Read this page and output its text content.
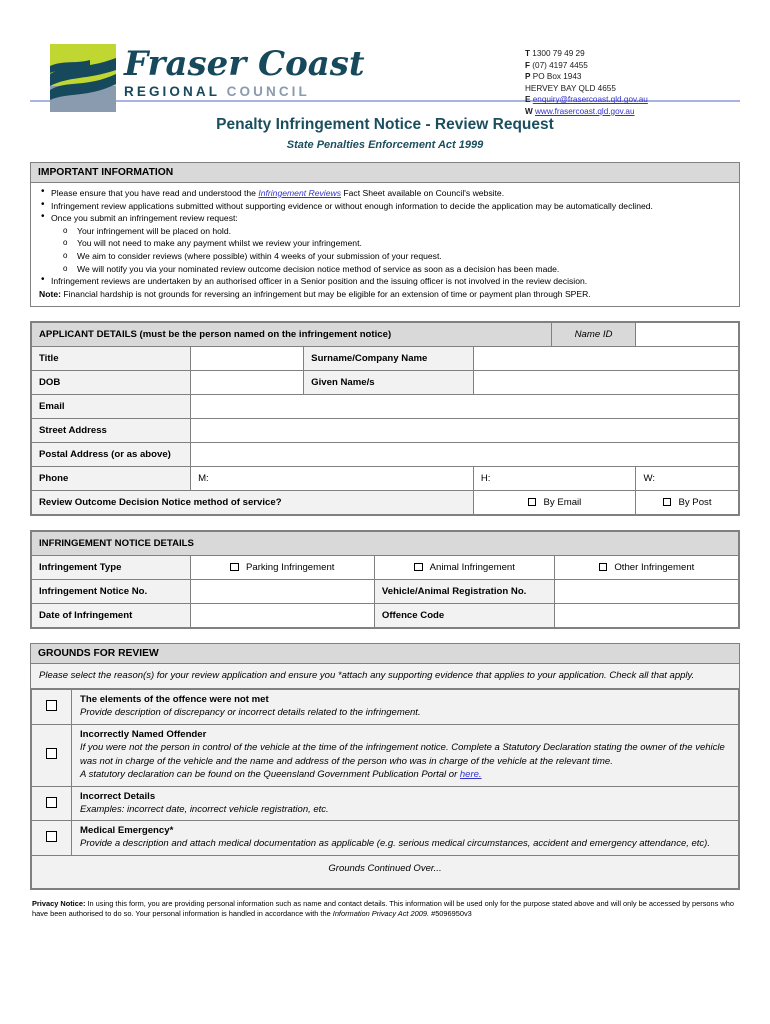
Fraser Coast
REGIONAL COUNCIL
T 1300 79 49 29
F (07) 4197 4455
P PO Box 1943
HERVEY BAY QLD 4655
E enquiry@frasercoast.qld.gov.au
W www.frasercoast.qld.gov.au
Penalty Infringement Notice - Review Request
State Penalties Enforcement Act 1999
IMPORTANT INFORMATION
• Please ensure that you have read and understood the Infringement Reviews Fact Sheet available on Council's website.
• Infringement review applications submitted without supporting evidence or without enough information to decide the application may be automatically declined.
• Once you submit an infringement review request:
o Your infringement will be placed on hold.
o You will not need to make any payment whilst we review your infringement.
o We aim to consider reviews (where possible) within 4 weeks of your submission of your request.
o We will notify you via your nominated review outcome decision notice method of service as soon as a decision has been made.
• Infringement reviews are undertaken by an authorised officer in a Senior position and the issuing officer is not involved in the review decision.
Note: Financial hardship is not grounds for reversing an infringement but may be eligible for an extension of time or payment plan through SPER.
APPLICANT DETAILS (must be the person named on the infringement notice)				Name ID	
Title		Surname/Company Name			
DOB		Given Name/s			
Email					
Street Address					
Postal Address (or as above)					
Phone	M:		H:		W:
Review Outcome Decision Notice method of service?			By Email		By Post
INFRINGEMENT NOTICE DETAILS			
Infringement Type	Parking Infringement	Animal Infringement	Other Infringement
Infringement Notice No.		Vehicle/Animal Registration No.	
Date of Infringement		Offence Code	
GROUNDS FOR REVIEW
Please select the reason(s) for your review application and ensure you *attach any supporting evidence that applies to your application. Check all that apply.

	The elements of the offence were not met
Provide description of discrepancy or incorrect details related to the infringement.

	Incorrectly Named Offender
If you were not the person in control of the vehicle at the time of the infringement notice. Complete a Statutory Declaration stating the owner of the vehicle was not in charge of the vehicle and the name and address of the person who was in charge of the vehicle at the relevant time.
A statutory declaration can be found on the Queensland Government Publication Portal or here.

	Incorrect Details
Examples: incorrect date, incorrect vehicle registration, etc.

	Medical Emergency*
Provide a description and attach medical documentation as applicable (e.g. serious medical circumstances, accident and emergency attendance, etc).

Grounds Continued Over...	
Privacy Notice: In using this form, you are providing personal information such as name and contact details. This information will be used only for the purpose stated above and will only be accessed by persons who have been authorised to do so. Your personal information is handled in accordance with the Information Privacy Act 2009. #5096950v3
